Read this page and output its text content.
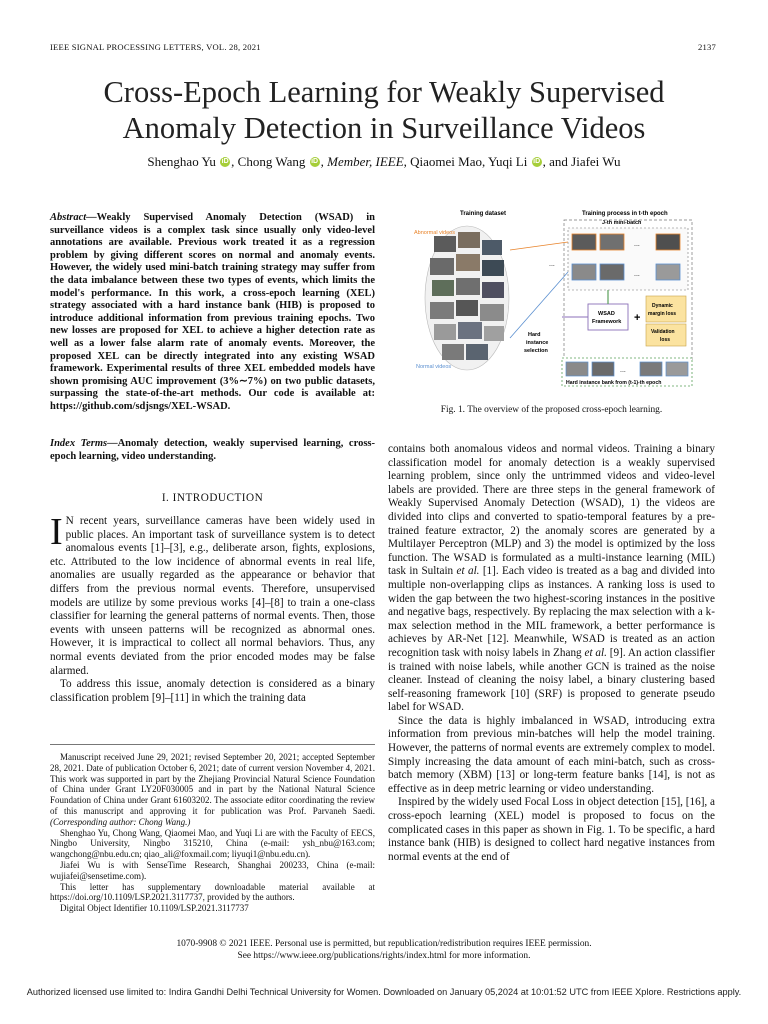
IEEE SIGNAL PROCESSING LETTERS, VOL. 28, 2021	2137
Cross-Epoch Learning for Weakly Supervised
Anomaly Detection in Surveillance Videos
Shenghao Yu iD , Chong Wang iD , Member, IEEE, Qiaomei Mao, Yuqi Li iD , and Jiafei Wu
Abstract—Weakly Supervised Anomaly Detection (WSAD) in surveillance videos is a complex task since usually only video-level annotations are available. Previous work treated it as a regression problem by giving different scores on normal and anomaly events. However, the widely used mini-batch training strategy may suffer from the data imbalance between these two types of events, which limits the model's performance. In this work, a cross-epoch learning (XEL) strategy associated with a hard instance bank (HIB) is proposed to introduce additional information from previous training epochs. Two new losses are proposed for XEL to achieve a higher detection rate as well as a lower false alarm rate of anomaly events. Moreover, the proposed XEL can be directly integrated into any existing WSAD framework. Experimental results of three XEL embedded models have shown promising AUC improvement (3%∼7%) on two public datasets, surpassing the state-of-the-art methods. Our code is available at: https://github.com/sdjsngs/XEL-WSAD.
Index Terms—Anomaly detection, weakly supervised learning, cross-epoch learning, video understanding.
I. INTRODUCTION

I N recent years, surveillance cameras have been widely used in public places. An important task of surveillance system is to detect anomalous events [1]–[3], e.g., deliberate arson, fights, explosions, etc. Attributed to the low incidence of abnormal events in real life, anomalies are usually regarded as the appearance or behavior that differs from the previous normal events. Therefore, unsupervised models are utilize by some previous works [4]–[8] to train a one-class classifier for learning the general patterns of normal events. Then, those events with unseen patterns will be recognized as abnormal ones. However, it is impractical to collect all normal behaviors. Thus, any normal events deviated from the prior encoded modes may be false alarmed.

To address this issue, anomaly detection is considered as a binary classification problem [9]–[11] in which the training data

Manuscript received June 29, 2021; revised September 20, 2021; accepted September 28, 2021. Date of publication October 6, 2021; date of current version November 4, 2021. This work was supported in part by the Zhejiang Provincial Natural Science Foundation of China under Grant LY20F030005 and in part by the National Natural Science Foundation of China under Grant 61603202. The associate editor coordinating the review of this manuscript and approving it for publication was Prof. Parvaneh Saedi. (Corresponding author: Chong Wang.)

Shenghao Yu, Chong Wang, Qiaomei Mao, and Yuqi Li are with the Faculty of EECS, Ningbo University, Ningbo 315210, China (e-mail: ysh_nbu@163.com; wangchong@nbu.edu.cn; qiao_ali@foxmail.com; liyuqi1@nbu.edu.cn).

Jiafei Wu is with SenseTime Research, Shanghai 200233, China (e-mail: wujiafei@sensetime.com).

This letter has supplementary downloadable material available at https://doi.org/10.1109/LSP.2021.3117737, provided by the authors.

Digital Object Identifier 10.1109/LSP.2021.3117737

Training dataset	Training process in t-th epoch
J-th mini-batch
Abnormal videos
Normal videos
...
...
...
WSAD
Framework +
Dynamic
margin loss
Validation
loss
Hard
instance
selection
...
Hard instance bank from (t-1)-th epoch
Fig. 1. The overview of the proposed cross-epoch learning.

contains both anomalous videos and normal videos. Training a binary classification model for anomaly detection is a weakly supervised learning problem, since only the untrimmed videos and video-level labels are provided. There are three steps in the general framework of Weakly Supervised Anomaly Detection (WSAD), 1) the videos are divided into clips and converted to spatio-temporal features by a pre-trained feature extractor, 2) the anomaly scores are generated by a Multilayer Perceptron (MLP) and 3) the model is optimized by the loss function. The WSAD is formulated as a multi-instance learning (MIL) task in Sultain et al. [1]. Each video is treated as a bag and divided into multiple non-overlapping clips as instances. A ranking loss is used to widen the gap between the two highest-scoring instances in the positive and negative bags, respectively. By replacing the max selection with a k-max selection method in the MIL framework, a better performance is achieves by AR-Net [12]. Meanwhile, WSAD is treated as an action recognition task with noisy labels in Zhang et al. [9]. An action classifier is trained with noise labels, while another GCN is trained as the noise cleaner. Instead of cleaning the noisy label, a binary clustering based self-reasoning framework [10] (SRF) is proposed to generate pseudo label for WSAD.

Since the data is highly imbalanced in WSAD, introducing extra information from previous min-batches will help the model training. However, the patterns of normal events are extremely complex to model. Simply increasing the data amount of each mini-batch, such as cross-batch memory (XBM) [13] or long-term feature banks [14], is not as effective as in deep metric learning or video understanding.

Inspired by the widely used Focal Loss in object detection [15], [16], a cross-epoch learning (XEL) model is proposed to focus on the complicated cases in this paper as shown in Fig. 1. To be specific, a hard instance bank (HIB) is designed to collect hard negative instances from normal events at the end of

1070-9908 © 2021 IEEE. Personal use is permitted, but republication/redistribution requires IEEE permission.
See https://www.ieee.org/publications/rights/index.html for more information.
Authorized licensed use limited to: Indira Gandhi Delhi Technical University for Women. Downloaded on January 05,2024 at 10:01:52 UTC from IEEE Xplore. Restrictions apply.
